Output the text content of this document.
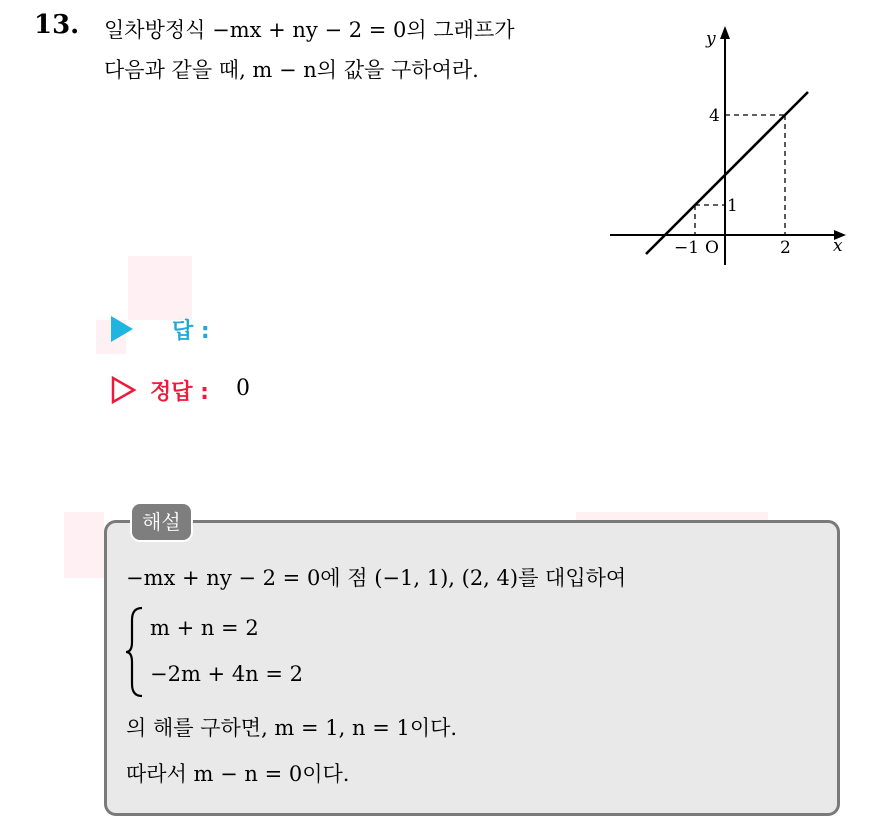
13. 일차방정식 −mx + ny − 2 = 0의 그래프가
다음과 같을 때, m − n의 값을 구하여라.
x
y
O
−1	2
1
4
답 :
정답 : 0
해설
−mx + ny − 2 = 0에 점 (−1, 1), (2, 4)를 대입하여
m + n = 2
−2m + 4n = 2
의 해를 구하면, m = 1, n = 1이다.
따라서 m − n = 0이다.
